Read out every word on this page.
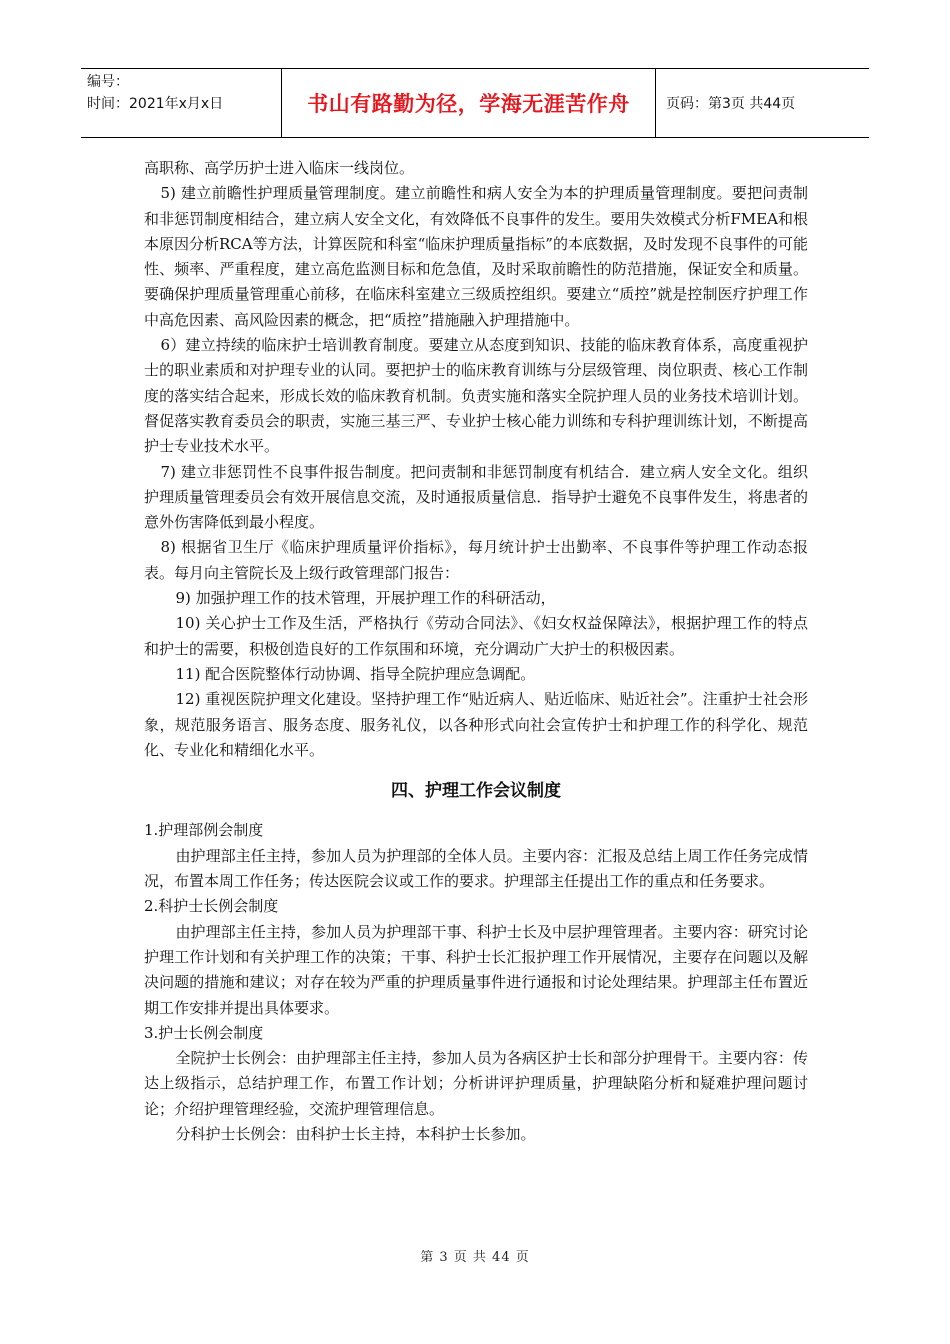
编号：
时间：2021年x月x日	书山有路勤为径，学海无涯苦作舟	页码：第3页 共44页

高职称、高学历护士进入临床一线岗位。

5) 建立前瞻性护理质量管理制度。建立前瞻性和病人安全为本的护理质量管理制度。要把问责制和非惩罚制度相结合，建立病人安全文化，有效降低不良事件的发生。要用失效模式分析FMEA和根本原因分析RCA等方法，计算医院和科室“临床护理质量指标”的本底数据，及时发现不良事件的可能性、频率、严重程度，建立高危监测目标和危急值，及时采取前瞻性的防范措施，保证安全和质量。要确保护理质量管理重心前移，在临床科室建立三级质控组织。要建立“质控”就是控制医疗护理工作中高危因素、高风险因素的概念，把“质控”措施融入护理措施中。

6）建立持续的临床护士培训教育制度。要建立从态度到知识、技能的临床教育体系，高度重视护士的职业素质和对护理专业的认同。要把护士的临床教育训练与分层级管理、岗位职责、核心工作制度的落实结合起来，形成长效的临床教育机制。负责实施和落实全院护理人员的业务技术培训计划。督促落实教育委员会的职责，实施三基三严、专业护士核心能力训练和专科护理训练计划，不断提高护士专业技术水平。

7) 建立非惩罚性不良事件报告制度。把问责制和非惩罚制度有机结合．建立病人安全文化。组织护理质量管理委员会有效开展信息交流，及时通报质量信息．指导护士避免不良事件发生，将患者的意外伤害降低到最小程度。

8) 根据省卫生厅《临床护理质量评价指标》，每月统计护士出勤率、不良事件等护理工作动态报表。每月向主管院长及上级行政管理部门报告：

9) 加强护理工作的技术管理，开展护理工作的科研活动，

10) 关心护士工作及生活，严格执行《劳动合同法》、《妇女权益保障法》，根据护理工作的特点和护士的需要，积极创造良好的工作氛围和环境，充分调动广大护士的积极因素。

11) 配合医院整体行动协调、指导全院护理应急调配。

12) 重视医院护理文化建设。坚持护理工作“贴近病人、贴近临床、贴近社会”。注重护士社会形象，规范服务语言、服务态度、服务礼仪，以各种形式向社会宣传护士和护理工作的科学化、规范化、专业化和精细化水平。

四、护理工作会议制度

1.护理部例会制度

由护理部主任主持，参加人员为护理部的全体人员。主要内容：汇报及总结上周工作任务完成情况，布置本周工作任务；传达医院会议或工作的要求。护理部主任提出工作的重点和任务要求。

2.科护士长例会制度

由护理部主任主持，参加人员为护理部干事、科护士长及中层护理管理者。主要内容：研究讨论护理工作计划和有关护理工作的决策；干事、科护士长汇报护理工作开展情况，主要存在问题以及解决问题的措施和建议；对存在较为严重的护理质量事件进行通报和讨论处理结果。护理部主任布置近期工作安排并提出具体要求。

3.护士长例会制度

全院护士长例会：由护理部主任主持，参加人员为各病区护士长和部分护理骨干。主要内容：传达上级指示，总结护理工作，布置工作计划；分析讲评护理质量，护理缺陷分析和疑难护理问题讨论；介绍护理管理经验，交流护理管理信息。

分科护士长例会：由科护士长主持，本科护士长参加。

第 3 页 共 44 页
